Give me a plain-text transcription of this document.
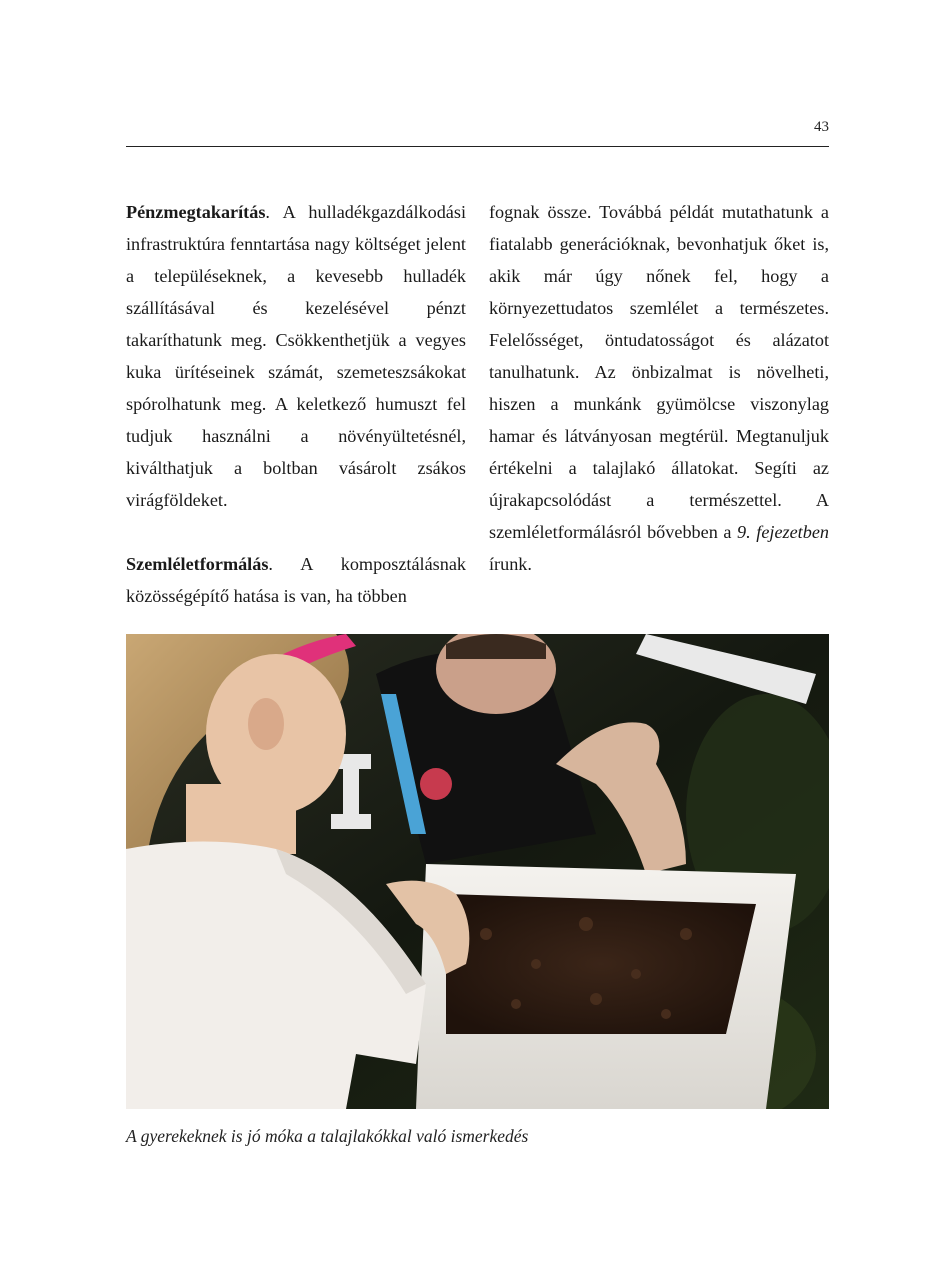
43

Pénzmegtakarítás. A hulladékgazdálkodási infrastruktúra fenntartása nagy költséget jelent a településeknek, a kevesebb hulladék szállításával és kezelésével pénzt takaríthatunk meg. Csökkenthetjük a vegyes kuka ürítéseinek számát, szemeteszsákokat spórolhatunk meg. A keletkező humuszt fel tudjuk használni a növényültetésnél, kiválthatjuk a boltban vásárolt zsákos virágföldeket.

Szemléletformálás. A komposztálásnak közösségépítő hatása is van, ha többen

fognak össze. Továbbá példát mutathatunk a fiatalabb generációknak, bevonhatjuk őket is, akik már úgy nőnek fel, hogy a környezettudatos szemlélet a természetes. Felelősséget, öntudatosságot és alázatot tanulhatunk. Az önbizalmat is növelheti, hiszen a munkánk gyümölcse viszonylag hamar és látványosan megtérül. Megtanuljuk értékelni a talajlakó állatokat. Segíti az újrakapcsolódást a természettel. A szemléletformálásról bővebben a 9. fejezetben írunk.

A gyerekeknek is jó móka a talajlakókkal való ismerkedés
